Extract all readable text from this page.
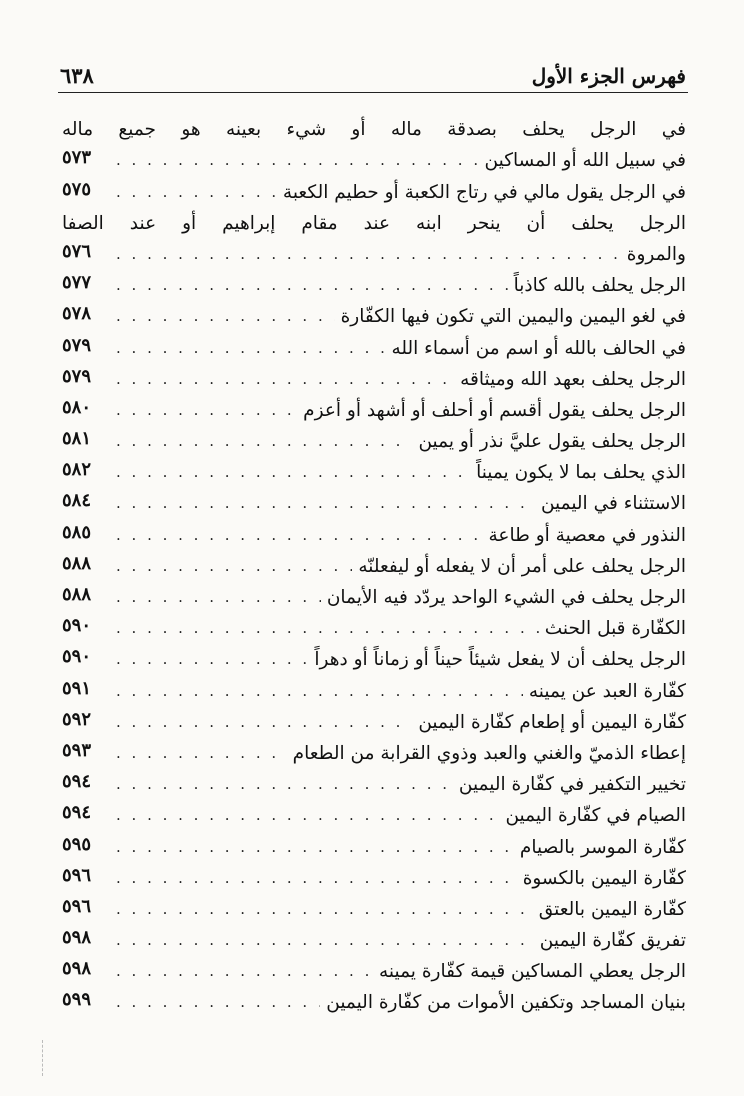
٦٣٨	فهرس الجزء الأول
في الرجل يحلف بصدقة ماله أو شيء بعينه هو جميع ماله
في سبيل الله أو المساكين
. . .
٥٧٣
في الرجل يقول مالي في رتاج الكعبة أو حطيم الكعبة
. . .
٥٧٥
الرجل يحلف أن ينحر ابنه عند مقام إبراهيم أو عند الصفا
والمروة
. . .
٥٧٦
الرجل يحلف بالله كاذباً
. . .
٥٧٧
في لغو اليمين واليمين التي تكون فيها الكفّارة
. . .
٥٧٨
في الحالف بالله أو اسم من أسماء الله
. . .
٥٧٩
الرجل يحلف بعهد الله وميثاقه
. . .
٥٧٩
الرجل يحلف يقول أقسم أو أحلف أو أشهد أو أعزم
. . .
٥٨٠
الرجل يحلف يقول عليَّ نذر أو يمين
. . .
٥٨١
الذي يحلف بما لا يكون يميناً
. . .
٥٨٢
الاستثناء في اليمين
. . .
٥٨٤
النذور في معصية أو طاعة
. . .
٥٨٥
الرجل يحلف على أمر أن لا يفعله أو ليفعلنّه
. . .
٥٨٨
الرجل يحلف في الشيء الواحد يردّد فيه الأيمان
. . .
٥٨٨
الكفّارة قبل الحنث
. . .
٥٩٠
الرجل يحلف أن لا يفعل شيئاً حيناً أو زماناً أو دهراً
. . .
٥٩٠
كفّارة العبد عن يمينه
. . .
٥٩١
كفّارة اليمين أو إطعام كفّارة اليمين
. . .
٥٩٢
إعطاء الذميّ والغني والعبد وذوي القرابة من الطعام
. . .
٥٩٣
تخيير التكفير في كفّارة اليمين
. . .
٥٩٤
الصيام في كفّارة اليمين
. . .
٥٩٤
كفّارة الموسر بالصيام
. . .
٥٩٥
كفّارة اليمين بالكسوة
. . .
٥٩٦
كفّارة اليمين بالعتق
. . .
٥٩٦
تفريق كفّارة اليمين
. . .
٥٩٨
الرجل يعطي المساكين قيمة كفّارة يمينه
. . .
٥٩٨
بنيان المساجد وتكفين الأموات من كفّارة اليمين
. . .
٥٩٩
